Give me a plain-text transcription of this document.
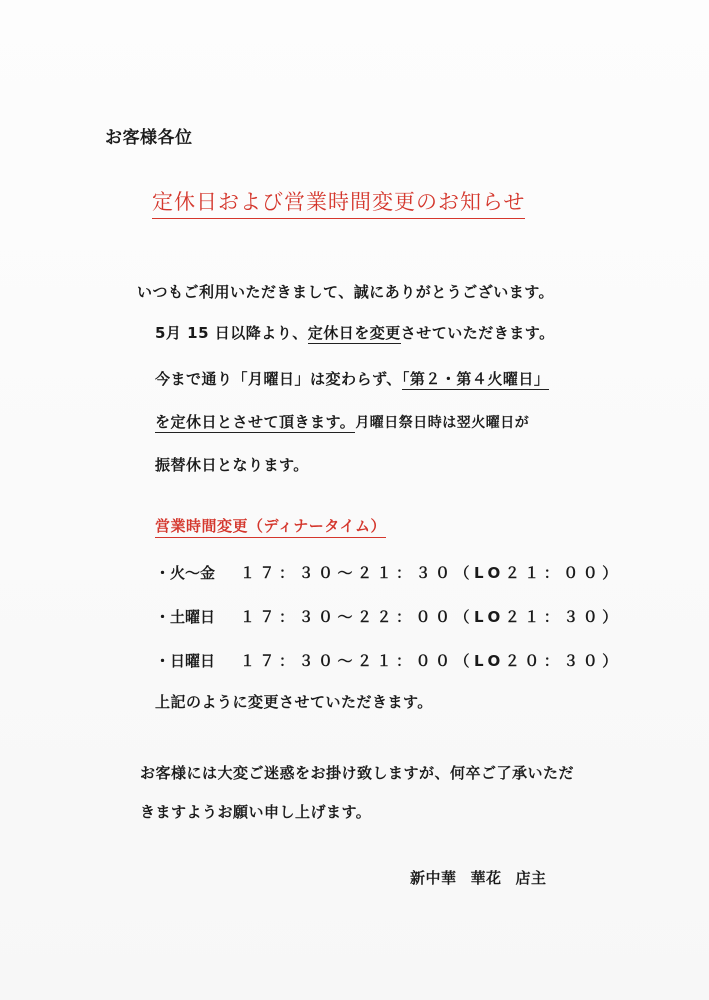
お客様各位
定休日および営業時間変更のお知らせ
いつもご利用いただきまして、誠にありがとうございます。
5月 15 日以降より、定休日を変更させていただきます。
今まで通り「月曜日」は変わらず、「第２・第４火曜日」
を定休日とさせて頂きます。月曜日祭日時は翌火曜日が
振替休日となります。
営業時間変更（ディナータイム）
・火～金 １７：３０～２１：３０（LO２１：００）
・土曜日 １７：３０～２２：００（LO２１：３０）
・日曜日 １７：３０～２１：００（LO２０：３０）
上記のように変更させていただきます。
お客様には大変ご迷惑をお掛け致しますが、何卒ご了承いただ
きますようお願い申し上げます。
新中華 華花 店主
